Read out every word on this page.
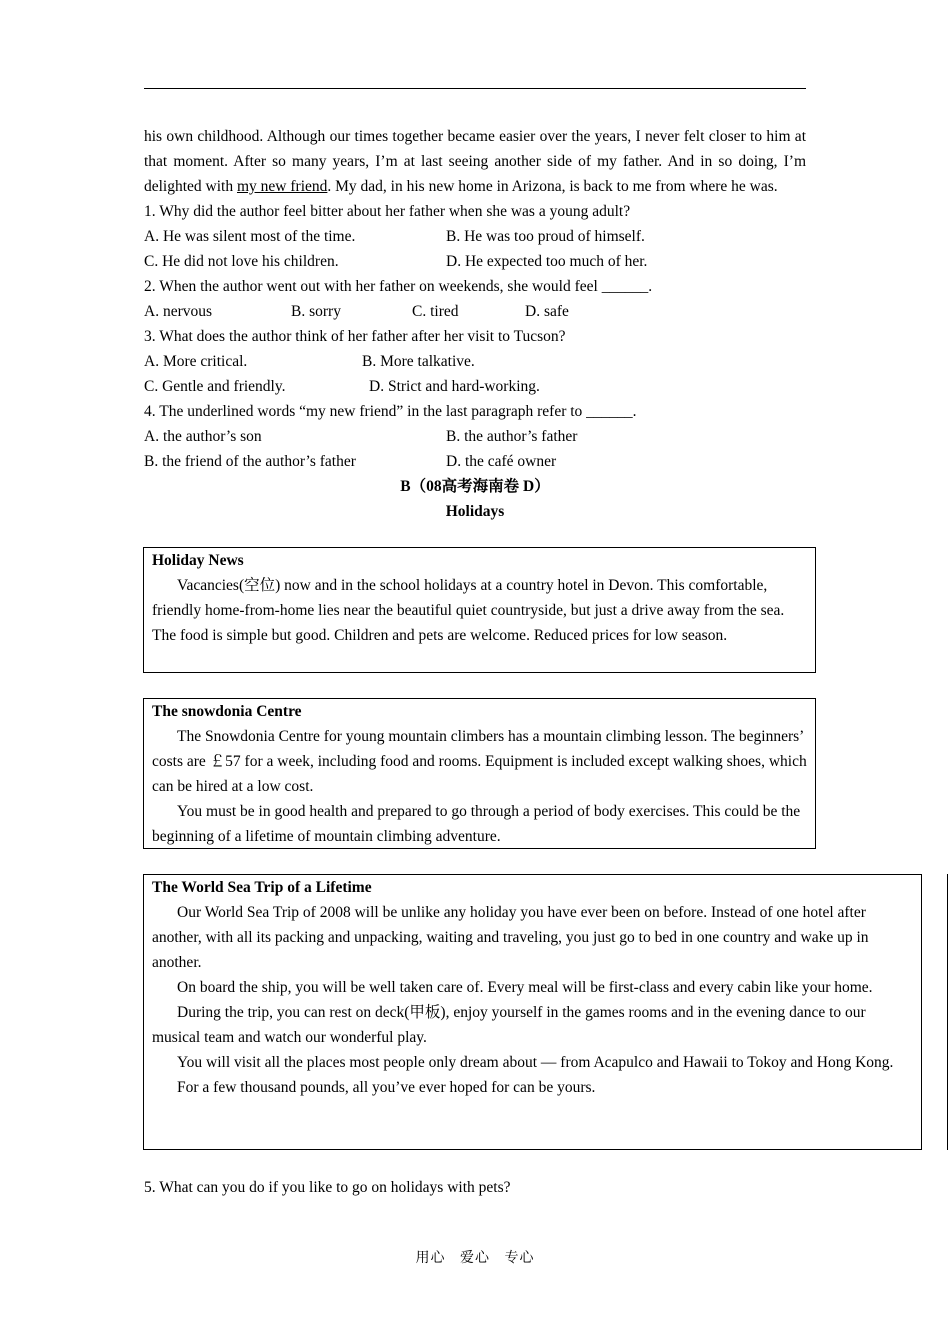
his own childhood. Although our times together became easier over the years, I never felt closer to him at that moment. After so many years, I’m at last seeing another side of my father. And in so doing, I’m delighted with my new friend. My dad, in his new home in Arizona, is back to me from where he was.

1. Why did the author feel bitter about her father when she was a young adult?
A. He was silent most of the time.	B. He was too proud of himself.
C. He did not love his children.	D. He expected too much of her.
2. When the author went out with her father on weekends, she would feel ______.
A. nervous	B. sorry	C. tired	D. safe
3. What does the author think of her father after her visit to Tucson?
A. More critical.	B. More talkative.
C. Gentle and friendly.	D. Strict and hard-working.
4. The underlined words “my new friend” in the last paragraph refer to ______.
A. the author’s son	B. the author’s father
B. the friend of the author’s father	D. the café owner
B（08高考海南卷 D）
Holidays
Holiday News

Vacancies(空位) now and in the school holidays at a country hotel in Devon. This comfortable, friendly home-from-home lies near the beautiful quiet countryside, but just a drive away from the sea. The food is simple but good. Children and pets are welcome. Reduced prices for low season.

The snowdonia Centre

The Snowdonia Centre for young mountain climbers has a mountain climbing lesson. The beginners’ costs are ￡57 for a week, including food and rooms. Equipment is included except walking shoes, which can be hired at a low cost.

You must be in good health and prepared to go through a period of body exercises. This could be the beginning of a lifetime of mountain climbing adventure.

The World Sea Trip of a Lifetime

Our World Sea Trip of 2008 will be unlike any holiday you have ever been on before. Instead of one hotel after another, with all its packing and unpacking, waiting and traveling, you just go to bed in one country and wake up in another.

On board the ship, you will be well taken care of. Every meal will be first-class and every cabin like your home.

During the trip, you can rest on deck(甲板), enjoy yourself in the games rooms and in the evening dance to our musical team and watch our wonderful play.

You will visit all the places most people only dream about — from Acapulco and Hawaii to Tokoy and Hong Kong.

For a few thousand pounds, all you’ve ever hoped for can be yours.

5. What can you do if you like to go on holidays with pets?
用心 爱心 专心
